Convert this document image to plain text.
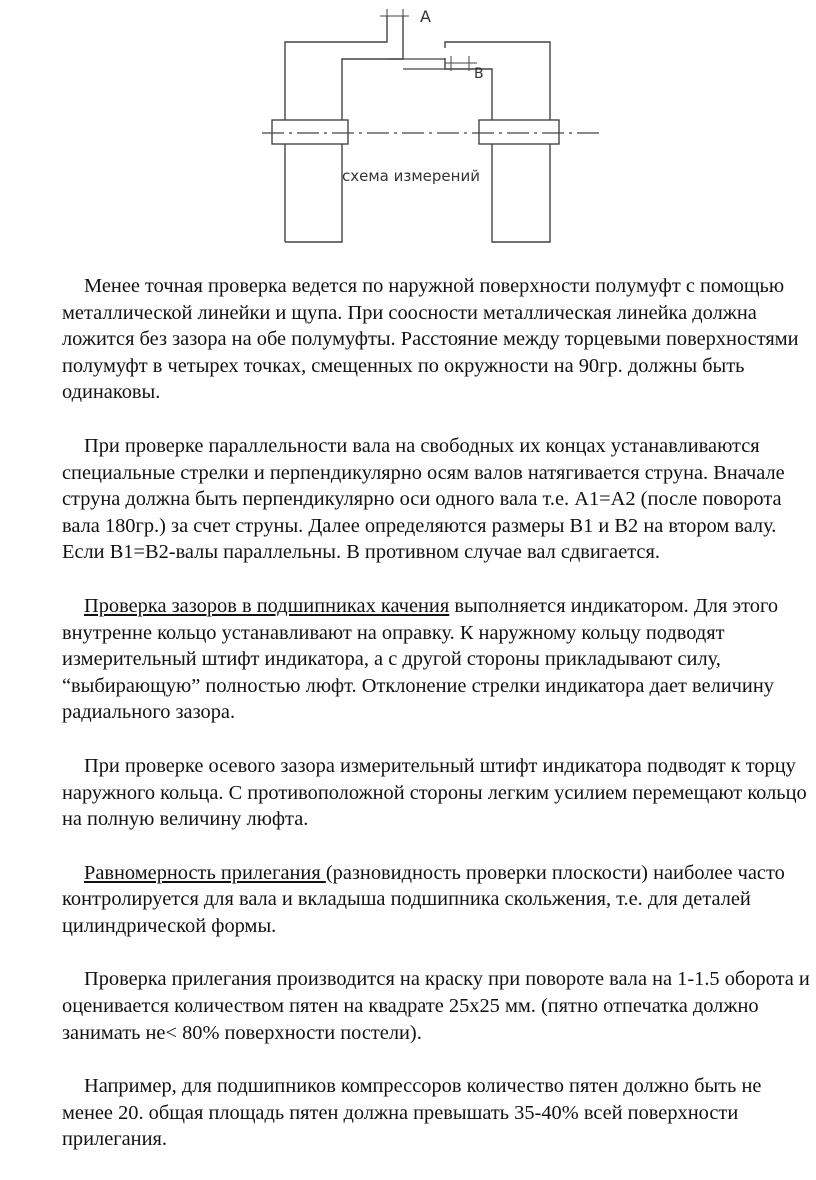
A
B
схема измерений

Менее точная проверка ведется по наружной поверхности полумуфт с помощью металлической линейки и щупа. При соосности металлическая линейка должна ложится без зазора на обе полумуфты. Расстояние между торцевыми поверхностями полумуфт в четырех точках, смещенных по окружности на 90гр. должны быть одинаковы.

При проверке параллельности вала на свободных их концах устанавливаются специальные стрелки и перпендикулярно осям валов натягивается струна. Вначале струна должна быть перпендикулярно оси одного вала т.е. А1=А2 (после поворота вала 180гр.) за счет струны. Далее определяются размеры В1 и В2 на втором валу. Если В1=В2-валы параллельны. В противном случае вал сдвигается.

Проверка зазоров в подшипниках качения выполняется индикатором. Для этого внутренне кольцо устанавливают на оправку. К наружному кольцу подводят измерительный штифт индикатора, а с другой стороны прикладывают силу, “выбирающую” полностью люфт. Отклонение стрелки индикатора дает величину радиального зазора.

При проверке осевого зазора измерительный штифт индикатора подводят к торцу наружного кольца. С противоположной стороны легким усилием перемещают кольцо на полную величину люфта.

Равномерность прилегания (разновидность проверки плоскости) наиболее часто контролируется для вала и вкладыша подшипника скольжения, т.е. для деталей цилиндрической формы.

Проверка прилегания производится на краску при повороте вала на 1-1.5 оборота и оценивается количеством пятен на квадрате 25х25 мм. (пятно отпечатка должно занимать не< 80% поверхности постели).

Например, для подшипников компрессоров количество пятен должно быть не менее 20. общая площадь пятен должна превышать 35-40% всей поверхности прилегания.
